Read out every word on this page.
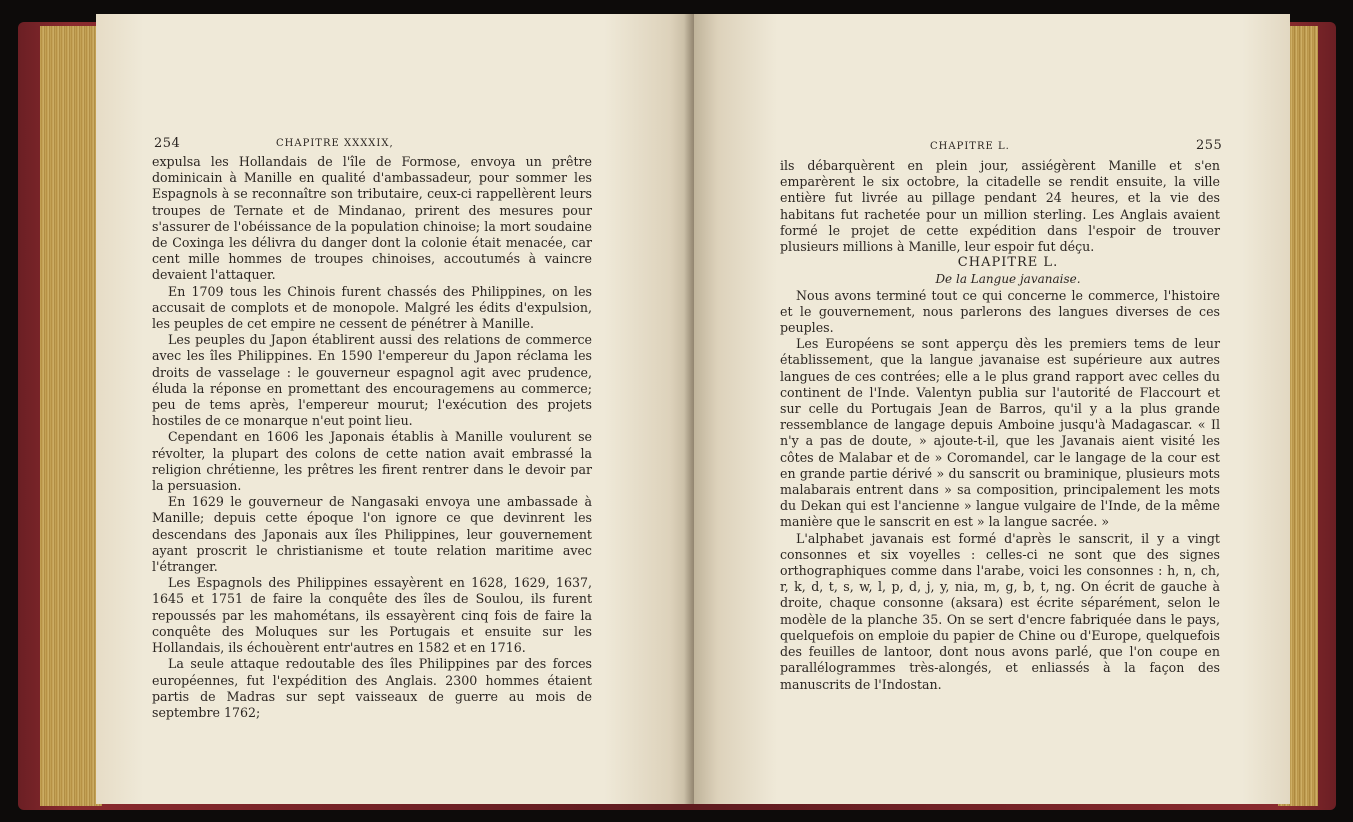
254	CHAPITRE XXXXIX,

expulsa les Hollandais de l'île de Formose, envoya un prêtre dominicain à Manille en qualité d'ambassadeur, pour sommer les Espagnols à se reconnaître son tributaire, ceux-ci rappellèrent leurs troupes de Ternate et de Mindanao, prirent des mesures pour s'assurer de l'obéissance de la population chinoise; la mort soudaine de Coxinga les délivra du danger dont la colonie était menacée, car cent mille hommes de troupes chinoises, accoutumés à vaincre devaient l'attaquer.

En 1709 tous les Chinois furent chassés des Philippines, on les accusait de complots et de monopole. Malgré les édits d'expulsion, les peuples de cet empire ne cessent de pénétrer à Manille.

Les peuples du Japon établirent aussi des relations de commerce avec les îles Philippines. En 1590 l'empereur du Japon réclama les droits de vasselage : le gouverneur espagnol agit avec prudence, éluda la réponse en promettant des encouragemens au commerce; peu de tems après, l'empereur mourut; l'exécution des projets hostiles de ce monarque n'eut point lieu.

Cependant en 1606 les Japonais établis à Manille voulurent se révolter, la plupart des colons de cette nation avait embrassé la religion chrétienne, les prêtres les firent rentrer dans le devoir par la persuasion.

En 1629 le gouverneur de Nangasaki envoya une ambassade à Manille; depuis cette époque l'on ignore ce que devinrent les descendans des Japonais aux îles Philippines, leur gouvernement ayant proscrit le christianisme et toute relation maritime avec l'étranger.

Les Espagnols des Philippines essayèrent en 1628, 1629, 1637, 1645 et 1751 de faire la conquête des îles de Soulou, ils furent repoussés par les mahométans, ils essayèrent cinq fois de faire la conquête des Moluques sur les Portugais et ensuite sur les Hollandais, ils échouèrent entr'autres en 1582 et en 1716.

La seule attaque redoutable des îles Philippines par des forces européennes, fut l'expédition des Anglais. 2300 hommes étaient partis de Madras sur sept vaisseaux de guerre au mois de septembre 1762;

CHAPITRE L.	255

ils débarquèrent en plein jour, assiégèrent Manille et s'en emparèrent le six octobre, la citadelle se rendit ensuite, la ville entière fut livrée au pillage pendant 24 heures, et la vie des habitans fut rachetée pour un million sterling. Les Anglais avaient formé le projet de cette expédition dans l'espoir de trouver plusieurs millions à Manille, leur espoir fut déçu.

CHAPITRE L.

De la Langue javanaise.

Nous avons terminé tout ce qui concerne le commerce, l'histoire et le gouvernement, nous parlerons des langues diverses de ces peuples.

Les Européens se sont apperçu dès les premiers tems de leur établissement, que la langue javanaise est supérieure aux autres langues de ces contrées; elle a le plus grand rapport avec celles du continent de l'Inde. Valentyn publia sur l'autorité de Flaccourt et sur celle du Portugais Jean de Barros, qu'il y a la plus grande ressemblance de langage depuis Amboine jusqu'à Madagascar. « Il n'y a pas de doute, » ajoute-t-il, que les Javanais aient visité les côtes de Malabar et de » Coromandel, car le langage de la cour est en grande partie dérivé » du sanscrit ou braminique, plusieurs mots malabarais entrent dans » sa composition, principalement les mots du Dekan qui est l'ancienne » langue vulgaire de l'Inde, de la même manière que le sanscrit en est » la langue sacrée. »

L'alphabet javanais est formé d'après le sanscrit, il y a vingt consonnes et six voyelles : celles-ci ne sont que des signes orthographiques comme dans l'arabe, voici les consonnes : h, n, ch, r, k, d, t, s, w, l, p, d, j, y, nia, m, g, b, t, ng. On écrit de gauche à droite, chaque consonne (aksara) est écrite séparément, selon le modèle de la planche 35. On se sert d'encre fabriquée dans le pays, quelquefois on emploie du papier de Chine ou d'Europe, quelquefois des feuilles de lantoor, dont nous avons parlé, que l'on coupe en parallélogrammes très-alongés, et enliassés à la façon des manuscrits de l'Indostan.
